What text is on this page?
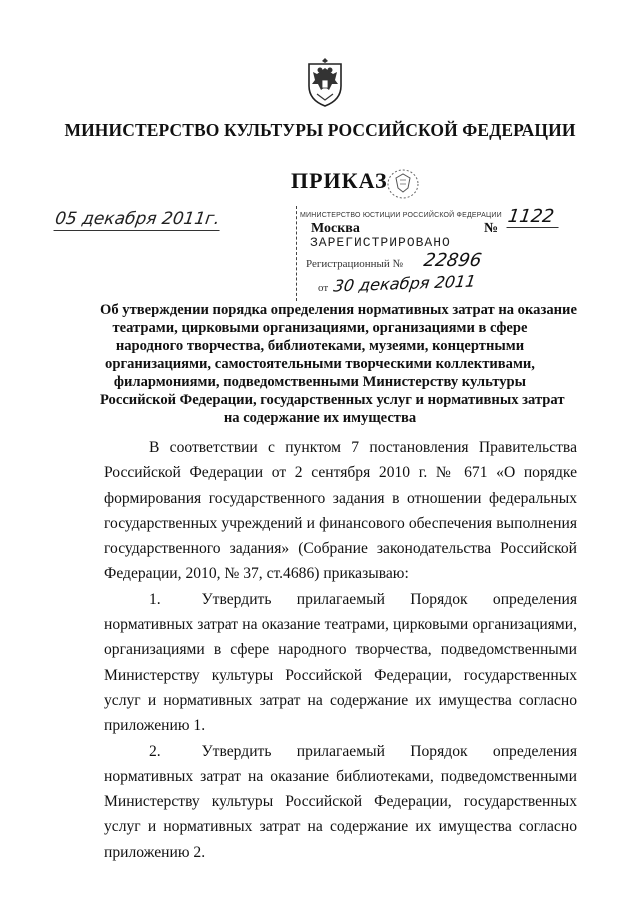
МИНИСТЕРСТВО КУЛЬТУРЫ РОССИЙСКОЙ ФЕДЕРАЦИИ
ПРИКАЗ
05 декабря 2011г.	МИНИСТЕРСТВО ЮСТИЦИИ РОССИЙСКОЙ ФЕДЕРАЦИИ
Москва	№
1122
ЗАРЕГИСТРИРОВАНО
Регистрационный № 22896
от 30 декабря 2011
Об утверждении порядка определения нормативных затрат на оказание
театрами, цирковыми организациями, организациями в сфере
народного творчества, библиотеками, музеями, концертными
организациями, самостоятельными творческими коллективами,
филармониями, подведомственными Министерству культуры
Российской Федерации, государственных услуг и нормативных затрат
на содержание их имущества

В соответствии с пунктом 7 постановления Правительства Российской Федерации от 2 сентября 2010 г. № 671 «О порядке формирования государственного задания в отношении федеральных государственных учреждений и финансового обеспечения выполнения государственного задания» (Собрание законодательства Российской Федерации, 2010, № 37, ст.4686) приказываю:

1.  Утвердить прилагаемый Порядок определения нормативных затрат на оказание театрами, цирковыми организациями, организациями в сфере народного творчества, подведомственными Министерству культуры Российской Федерации, государственных услуг и нормативных затрат на содержание их имущества согласно приложению 1.

2.  Утвердить прилагаемый Порядок определения нормативных затрат на оказание библиотеками, подведомственными Министерству культуры Российской Федерации, государственных услуг и нормативных затрат на содержание их имущества согласно приложению 2.
